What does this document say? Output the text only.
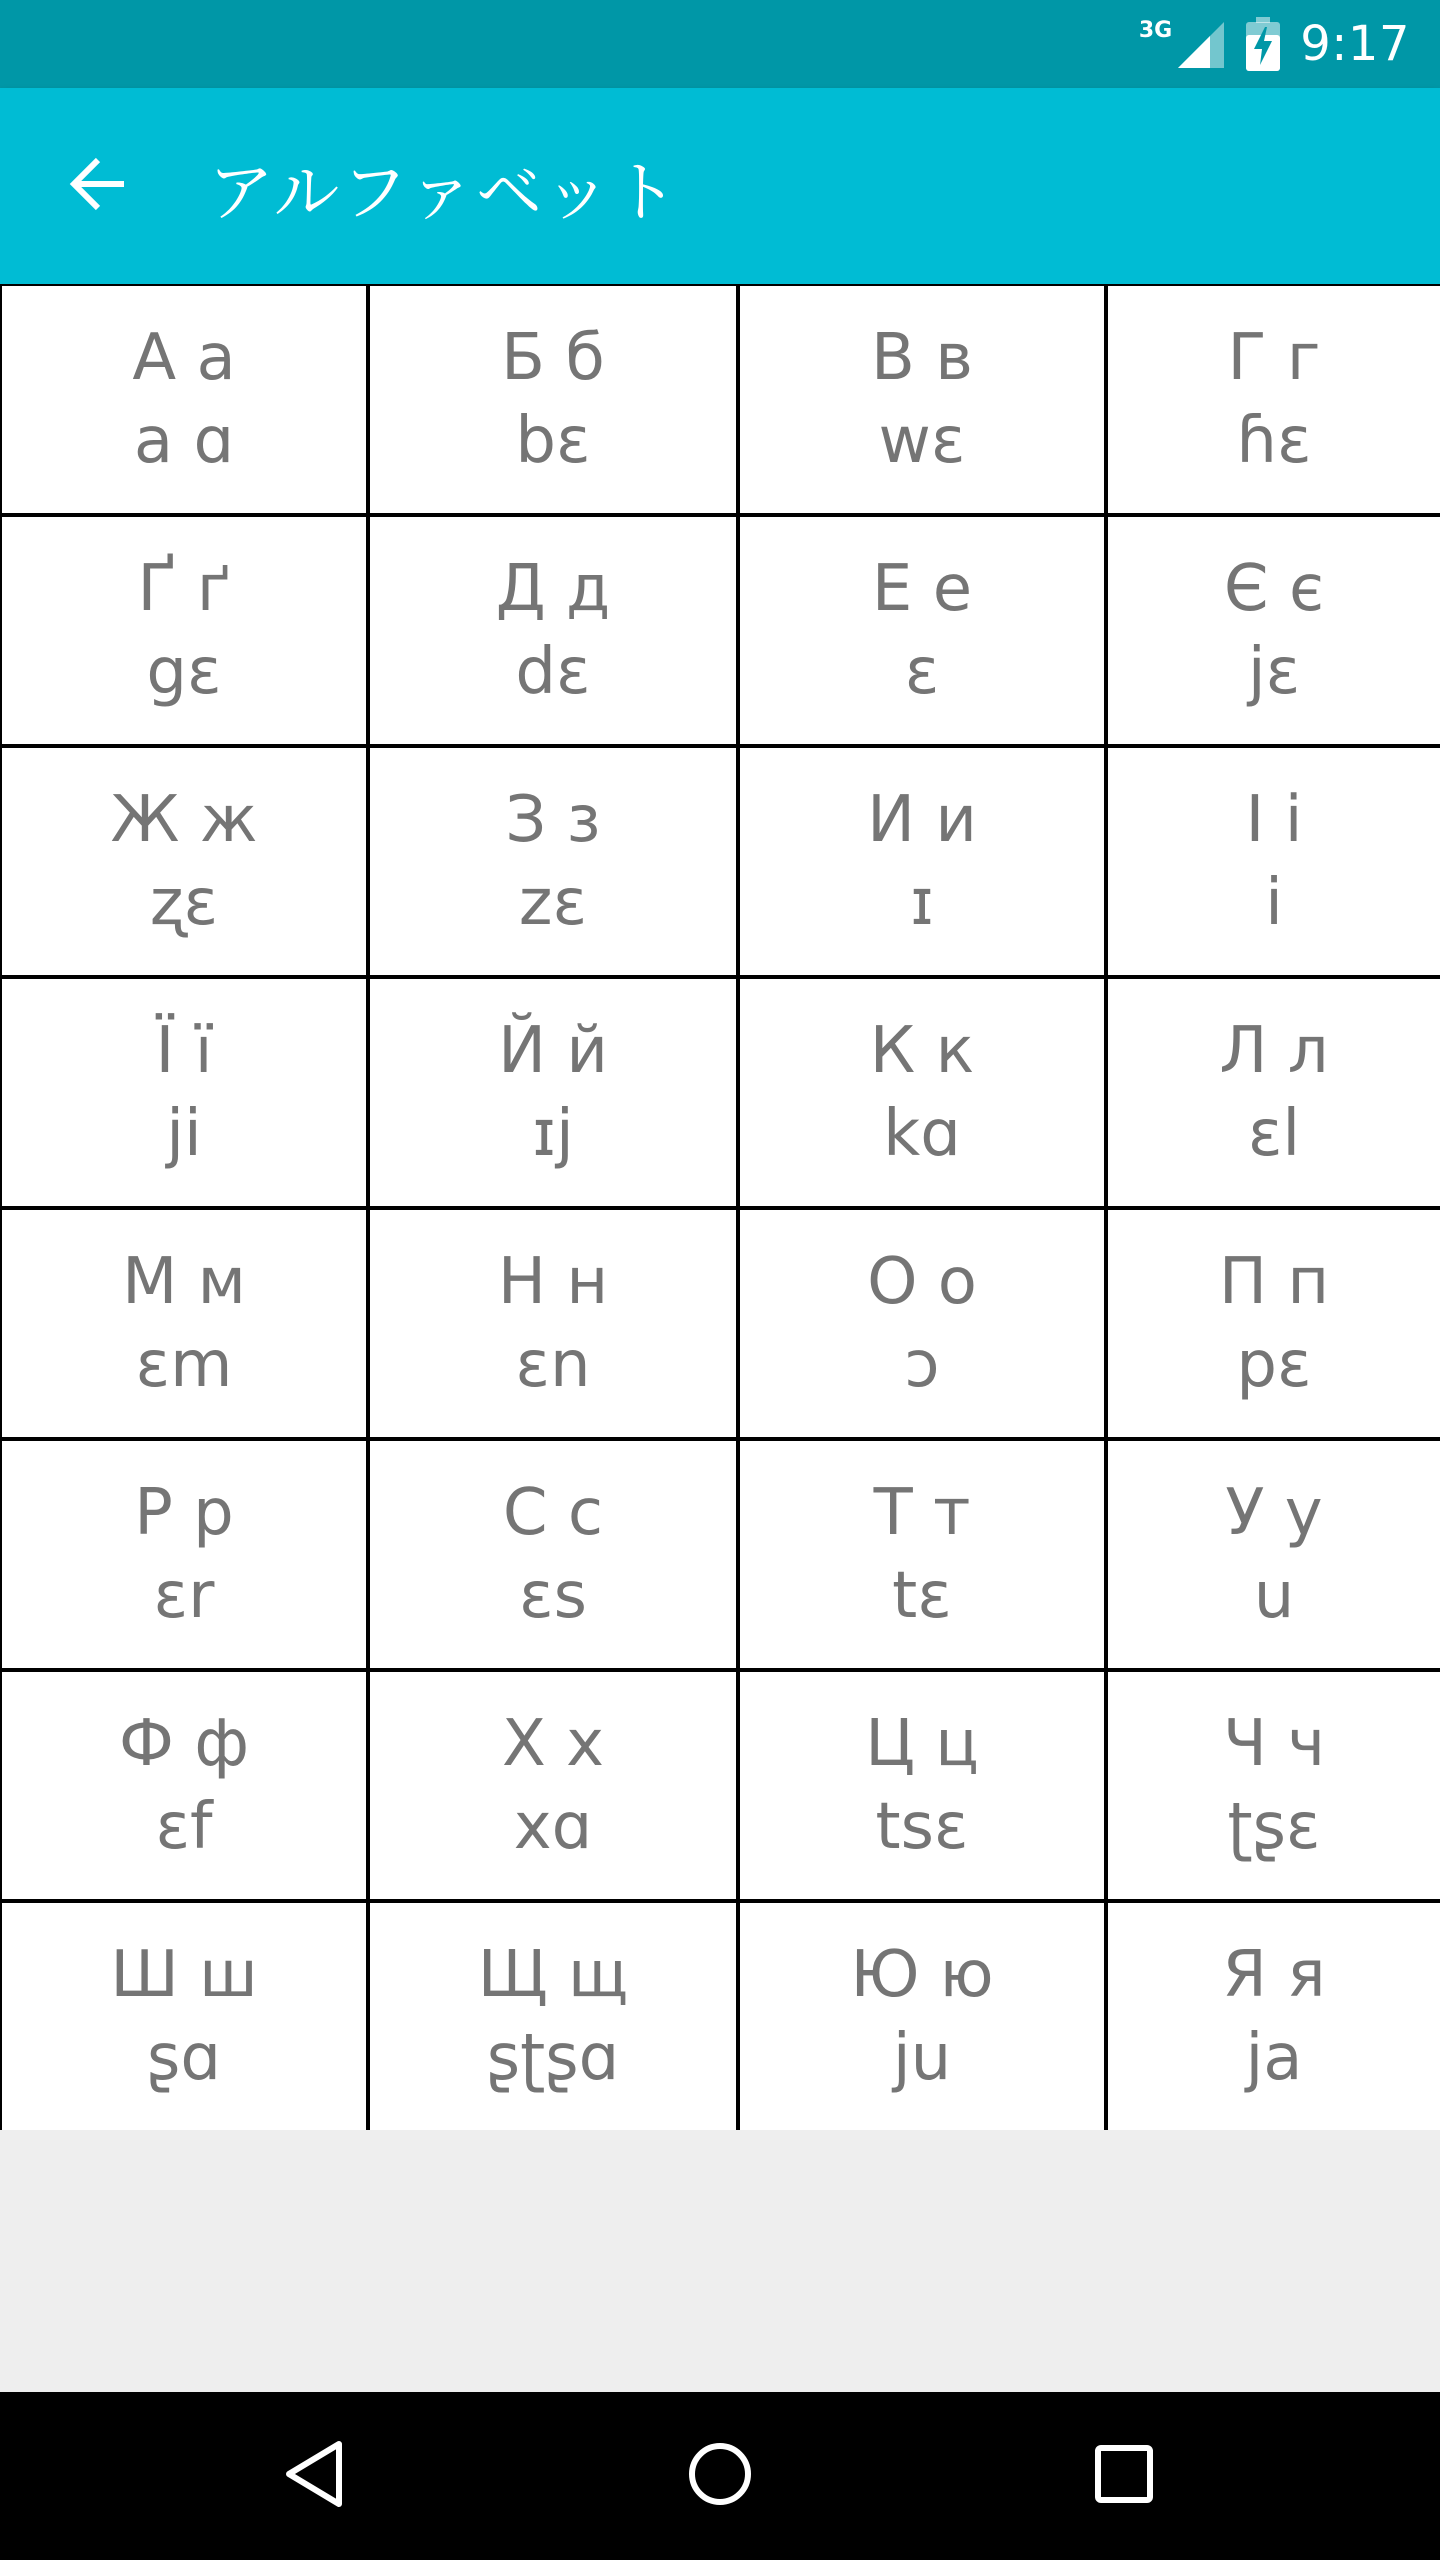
3G	9:17
アルファベット
А а
a ɑ
Б б
bɛ
В в
wɛ
Г г
ɦɛ
Ґ ґ
gɛ
Д д
dɛ
Е е
ɛ
Є є
jɛ
Ж ж
ʐɛ
З з
zɛ
И и
ɪ
І і
i
Ї ї
ji
Й й
ɪj
К к
kɑ
Л л
ɛl
М м
ɛm
Н н
ɛn
О о
ɔ
П п
pɛ
Р р
ɛr
С с
ɛs
Т т
tɛ
У у
u
Ф ф
ɛf
Х х
xɑ
Ц ц
tsɛ
Ч ч
ʈʂɛ
Ш ш
ʂɑ
Щ щ
ʂʈʂɑ
Ю ю
ju
Я я
ja
